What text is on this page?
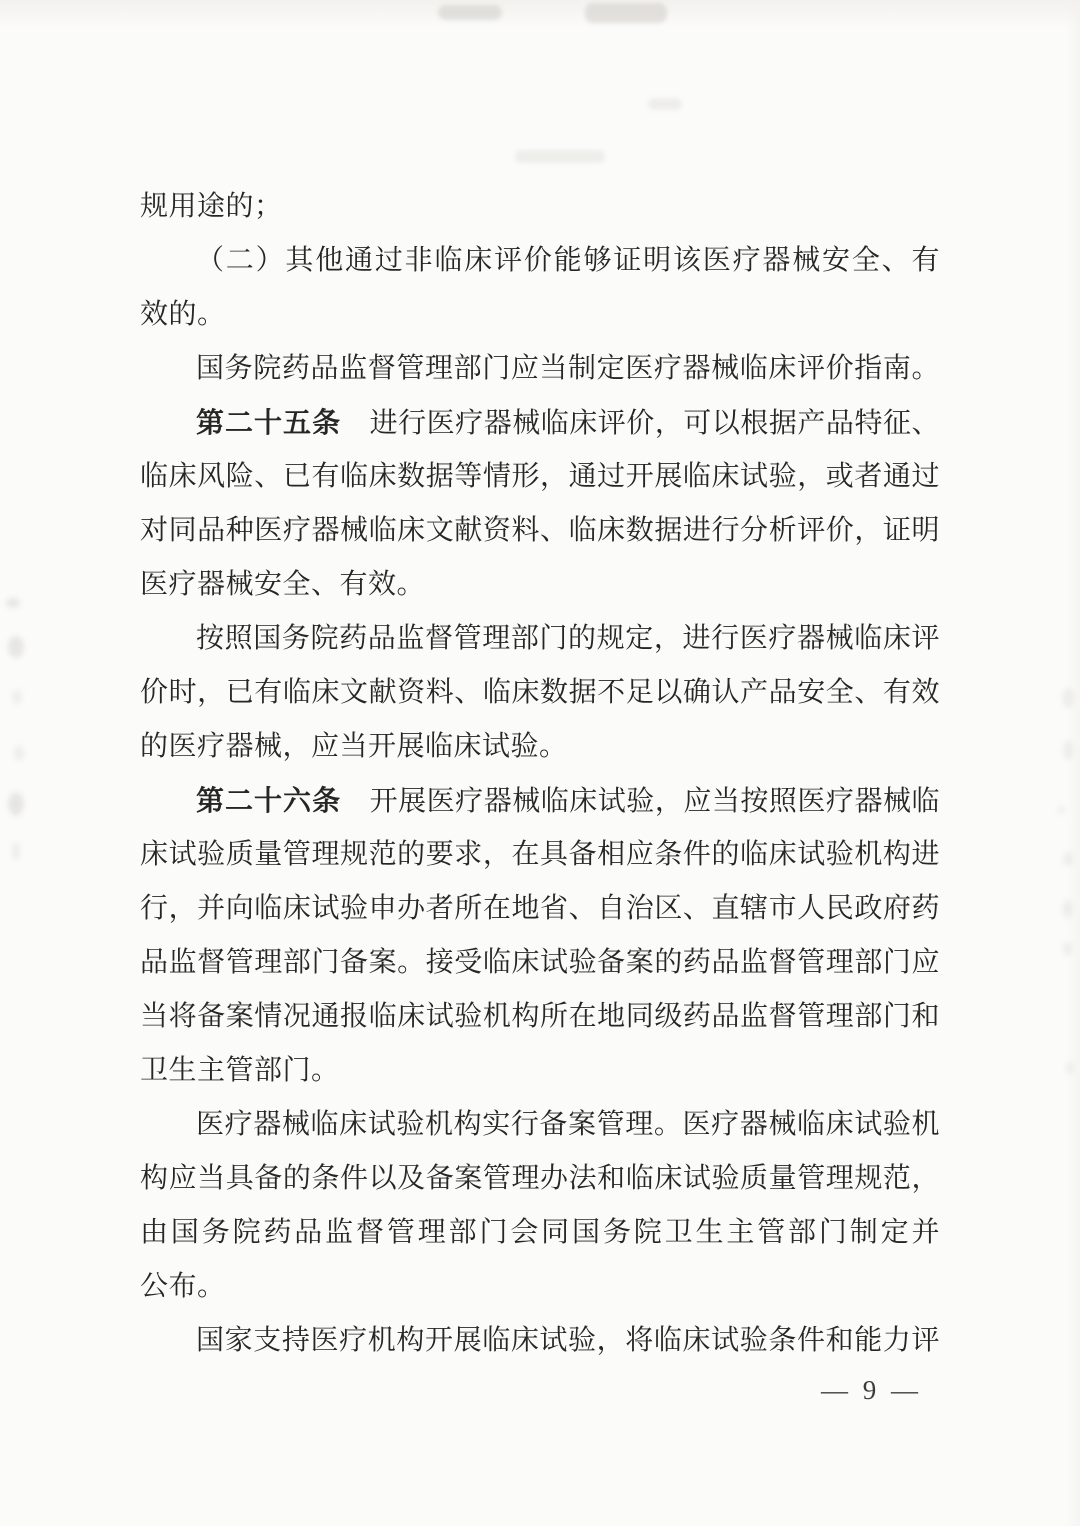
规用途的；
（二）其他通过非临床评价能够证明该医疗器械安全、有
效的。
国务院药品监督管理部门应当制定医疗器械临床评价指南。
第二十五条　进行医疗器械临床评价，可以根据产品特征、
临床风险、已有临床数据等情形，通过开展临床试验，或者通过
对同品种医疗器械临床文献资料、临床数据进行分析评价，证明
医疗器械安全、有效。
按照国务院药品监督管理部门的规定，进行医疗器械临床评
价时，已有临床文献资料、临床数据不足以确认产品安全、有效
的医疗器械，应当开展临床试验。
第二十六条　开展医疗器械临床试验，应当按照医疗器械临
床试验质量管理规范的要求，在具备相应条件的临床试验机构进
行，并向临床试验申办者所在地省、自治区、直辖市人民政府药
品监督管理部门备案。接受临床试验备案的药品监督管理部门应
当将备案情况通报临床试验机构所在地同级药品监督管理部门和
卫生主管部门。
医疗器械临床试验机构实行备案管理。医疗器械临床试验机
构应当具备的条件以及备案管理办法和临床试验质量管理规范，
由国务院药品监督管理部门会同国务院卫生主管部门制定并
公布。
国家支持医疗机构开展临床试验，将临床试验条件和能力评
— 9 —
